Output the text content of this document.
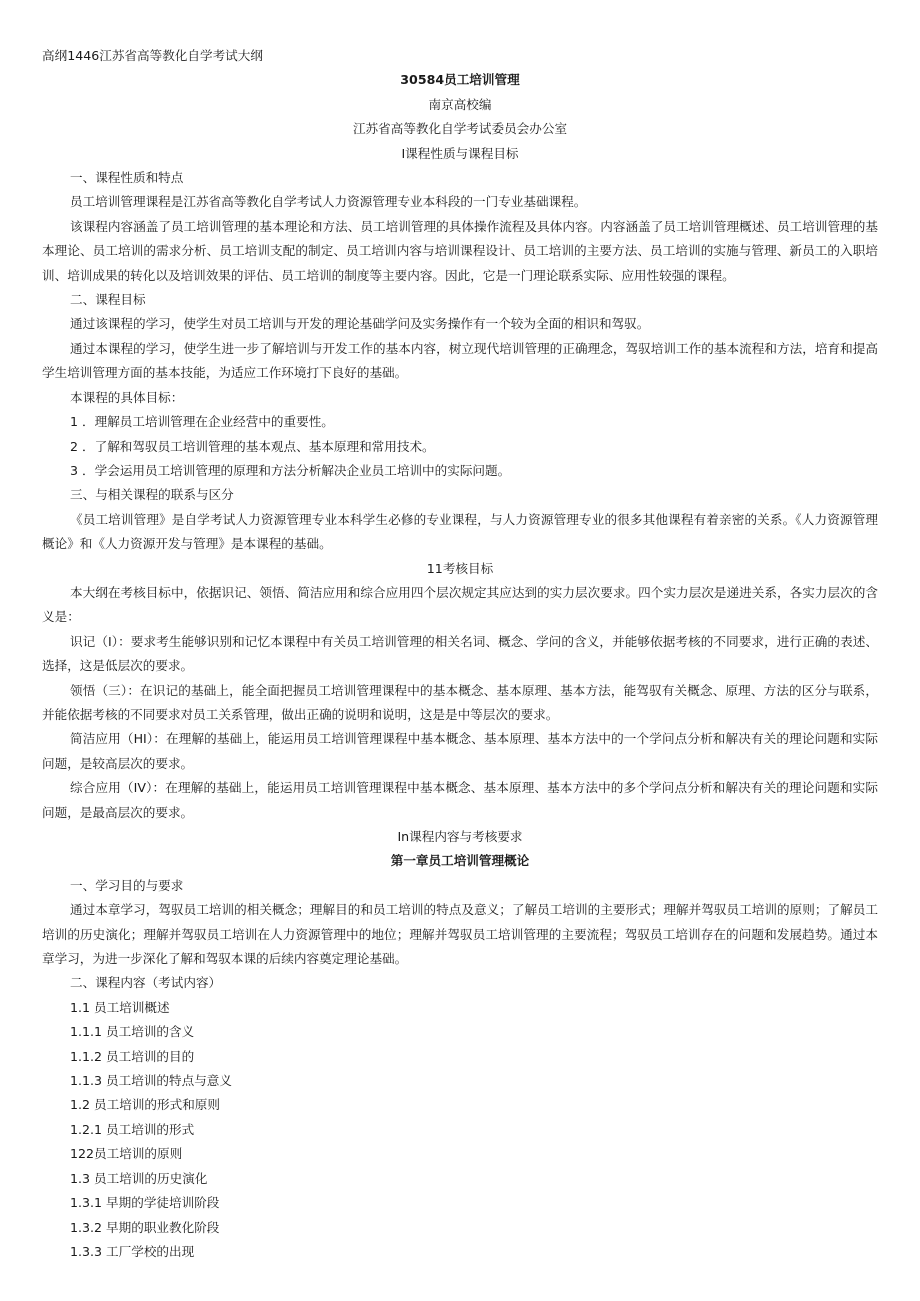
高纲1446江苏省高等教化自学考试大纲
30584员工培训管理
南京高校编
江苏省高等教化自学考试委员会办公室
I课程性质与课程目标
一、课程性质和特点
员工培训管理课程是江苏省高等教化自学考试人力资源管理专业本科段的一门专业基础课程。
该课程内容涵盖了员工培训管理的基本理论和方法、员工培训管理的具体操作流程及具体内容。内容涵盖了员工培训管理概述、员工培训管理的基本理论、员工培训的需求分析、员工培训支配的制定、员工培训内容与培训课程设计、员工培训的主要方法、员工培训的实施与管理、新员工的入职培训、培训成果的转化以及培训效果的评估、员工培训的制度等主要内容。因此，它是一门理论联系实际、应用性较强的课程。
二、课程目标
通过该课程的学习，使学生对员工培训与开发的理论基础学问及实务操作有一个较为全面的相识和驾驭。
通过本课程的学习，使学生进一步了解培训与开发工作的基本内容，树立现代培训管理的正确理念，驾驭培训工作的基本流程和方法，培育和提高学生培训管理方面的基本技能，为适应工作环境打下良好的基础。
本课程的具体目标：
1 ．理解员工培训管理在企业经营中的重要性。
2 ．了解和驾驭员工培训管理的基本观点、基本原理和常用技术。
3 ．学会运用员工培训管理的原理和方法分析解决企业员工培训中的实际问题。
三、与相关课程的联系与区分
《员工培训管理》是自学考试人力资源管理专业本科学生必修的专业课程，与人力资源管理专业的很多其他课程有着亲密的关系。《人力资源管理概论》和《人力资源开发与管理》是本课程的基础。
11考核目标
本大纲在考核目标中，依据识记、领悟、简洁应用和综合应用四个层次规定其应达到的实力层次要求。四个实力层次是递进关系，各实力层次的含义是：
识记（I）：要求考生能够识别和记忆本课程中有关员工培训管理的相关名词、概念、学问的含义，并能够依据考核的不同要求，进行正确的表述、选择，这是低层次的要求。
领悟（三）：在识记的基础上，能全面把握员工培训管理课程中的基本概念、基本原理、基本方法，能驾驭有关概念、原理、方法的区分与联系，并能依据考核的不同要求对员工关系管理，做出正确的说明和说明，这是是中等层次的要求。
简洁应用（HI）：在理解的基础上，能运用员工培训管理课程中基本概念、基本原理、基本方法中的一个学问点分析和解决有关的理论问题和实际问题，是较高层次的要求。
综合应用（IV）：在理解的基础上，能运用员工培训管理课程中基本概念、基本原理、基本方法中的多个学问点分析和解决有关的理论问题和实际问题，是最高层次的要求。
In课程内容与考核要求
第一章员工培训管理概论
一、学习目的与要求
通过本章学习，驾驭员工培训的相关概念；理解目的和员工培训的特点及意义；了解员工培训的主要形式；理解并驾驭员工培训的原则；了解员工培训的历史演化；理解并驾驭员工培训在人力资源管理中的地位；理解并驾驭员工培训管理的主要流程；驾驭员工培训存在的问题和发展趋势。通过本章学习，为进一步深化了解和驾驭本课的后续内容奠定理论基础。
二、课程内容（考试内容）
1.1 员工培训概述
1.1.1 员工培训的含义
1.1.2 员工培训的目的
1.1.3 员工培训的特点与意义
1.2 员工培训的形式和原则
1.2.1 员工培训的形式
122员工培训的原则
1.3 员工培训的历史演化
1.3.1 早期的学徒培训阶段
1.3.2 早期的职业教化阶段
1.3.3 工厂学校的出现
